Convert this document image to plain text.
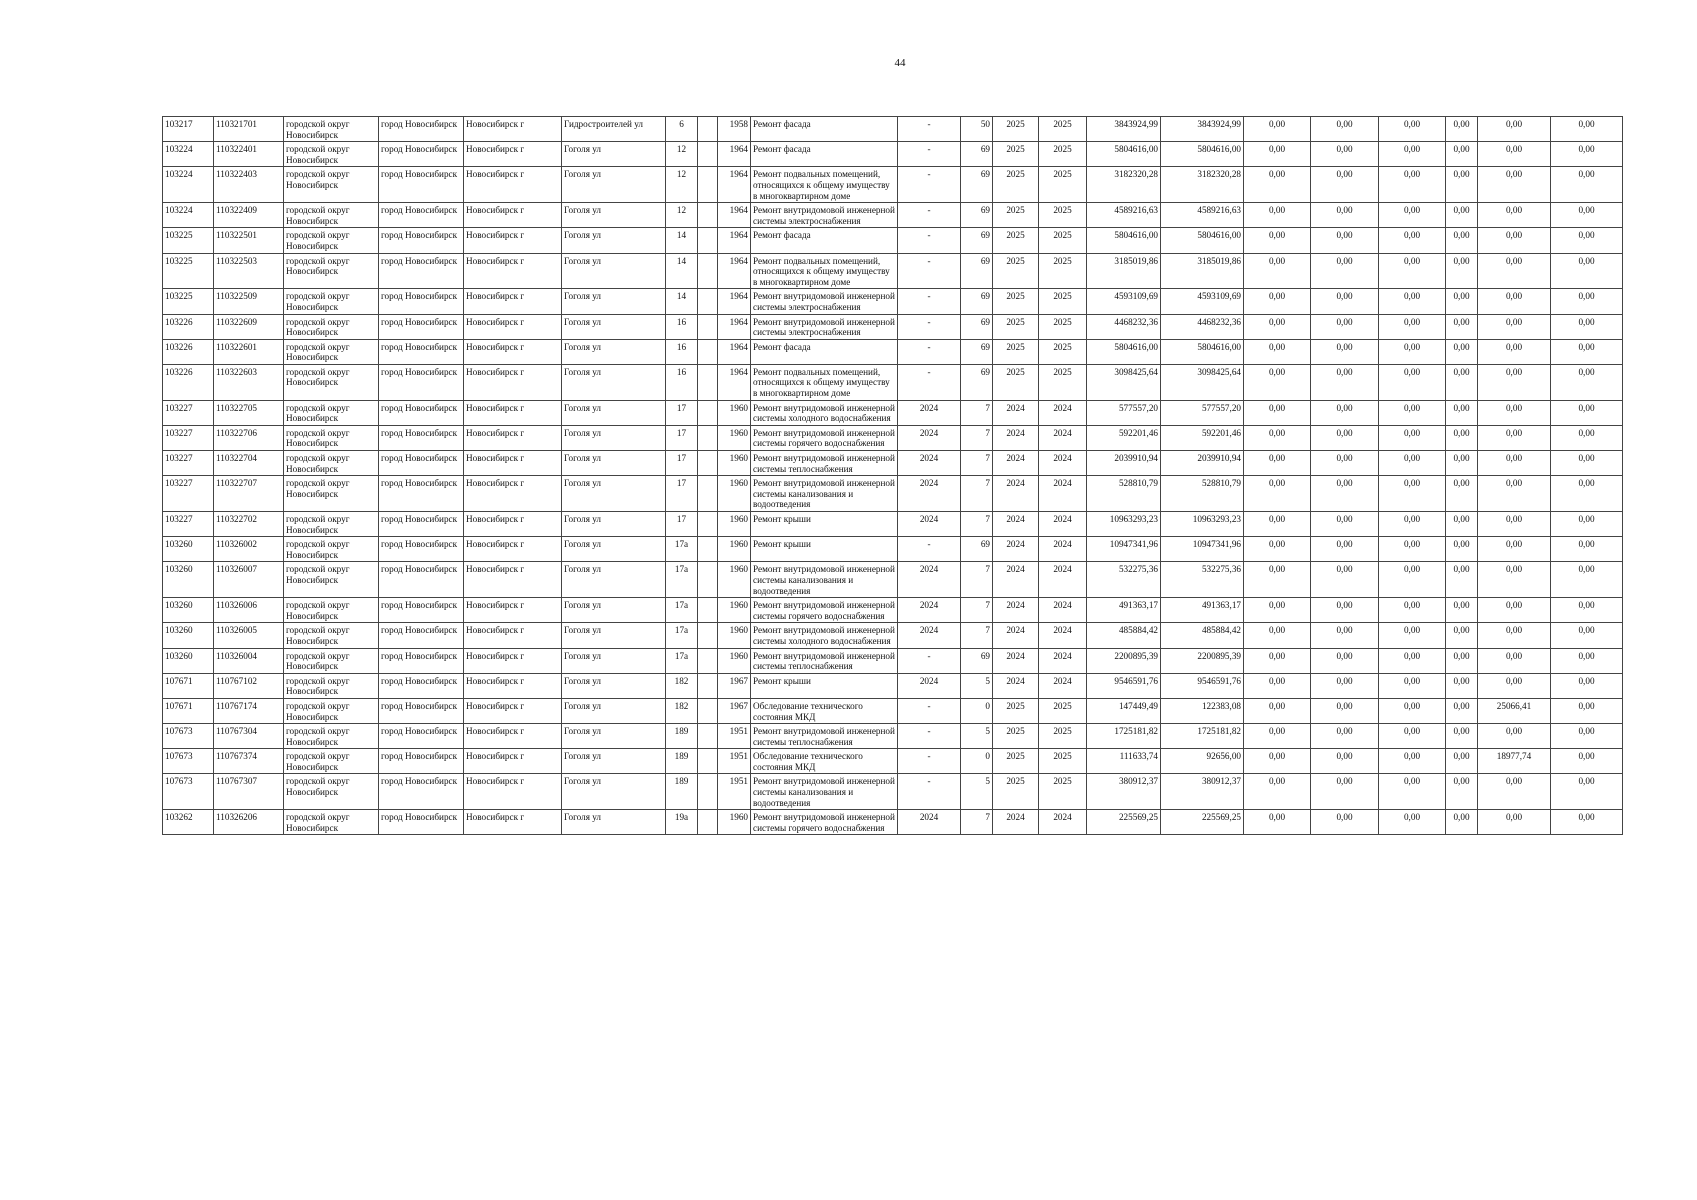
44
103217	110321701	городской округ Новосибирск	город Новосибирск	Новосибирск г	Гидростроителей ул	6		1958	Ремонт фасада	-	50	2025	2025	3843924,99	3843924,99	0,00	0,00	0,00	0,00	0,00	0,00
103224	110322401	городской округ Новосибирск	город Новосибирск	Новосибирск г	Гоголя ул	12		1964	Ремонт фасада	-	69	2025	2025	5804616,00	5804616,00	0,00	0,00	0,00	0,00	0,00	0,00
103224	110322403	городской округ Новосибирск	город Новосибирск	Новосибирск г	Гоголя ул	12		1964	Ремонт подвальных помещений, относящихся к общему имуществу в многоквартирном доме	-	69	2025	2025	3182320,28	3182320,28	0,00	0,00	0,00	0,00	0,00	0,00
103224	110322409	городской округ Новосибирск	город Новосибирск	Новосибирск г	Гоголя ул	12		1964	Ремонт внутридомовой инженерной системы электроснабжения	-	69	2025	2025	4589216,63	4589216,63	0,00	0,00	0,00	0,00	0,00	0,00
103225	110322501	городской округ Новосибирск	город Новосибирск	Новосибирск г	Гоголя ул	14		1964	Ремонт фасада	-	69	2025	2025	5804616,00	5804616,00	0,00	0,00	0,00	0,00	0,00	0,00
103225	110322503	городской округ Новосибирск	город Новосибирск	Новосибирск г	Гоголя ул	14		1964	Ремонт подвальных помещений, относящихся к общему имуществу в многоквартирном доме	-	69	2025	2025	3185019,86	3185019,86	0,00	0,00	0,00	0,00	0,00	0,00
103225	110322509	городской округ Новосибирск	город Новосибирск	Новосибирск г	Гоголя ул	14		1964	Ремонт внутридомовой инженерной системы электроснабжения	-	69	2025	2025	4593109,69	4593109,69	0,00	0,00	0,00	0,00	0,00	0,00
103226	110322609	городской округ Новосибирск	город Новосибирск	Новосибирск г	Гоголя ул	16		1964	Ремонт внутридомовой инженерной системы электроснабжения	-	69	2025	2025	4468232,36	4468232,36	0,00	0,00	0,00	0,00	0,00	0,00
103226	110322601	городской округ Новосибирск	город Новосибирск	Новосибирск г	Гоголя ул	16		1964	Ремонт фасада	-	69	2025	2025	5804616,00	5804616,00	0,00	0,00	0,00	0,00	0,00	0,00
103226	110322603	городской округ Новосибирск	город Новосибирск	Новосибирск г	Гоголя ул	16		1964	Ремонт подвальных помещений, относящихся к общему имуществу в многоквартирном доме	-	69	2025	2025	3098425,64	3098425,64	0,00	0,00	0,00	0,00	0,00	0,00
103227	110322705	городской округ Новосибирск	город Новосибирск	Новосибирск г	Гоголя ул	17		1960	Ремонт внутридомовой инженерной системы холодного водоснабжения	2024	7	2024	2024	577557,20	577557,20	0,00	0,00	0,00	0,00	0,00	0,00
103227	110322706	городской округ Новосибирск	город Новосибирск	Новосибирск г	Гоголя ул	17		1960	Ремонт внутридомовой инженерной системы горячего водоснабжения	2024	7	2024	2024	592201,46	592201,46	0,00	0,00	0,00	0,00	0,00	0,00
103227	110322704	городской округ Новосибирск	город Новосибирск	Новосибирск г	Гоголя ул	17		1960	Ремонт внутридомовой инженерной системы теплоснабжения	2024	7	2024	2024	2039910,94	2039910,94	0,00	0,00	0,00	0,00	0,00	0,00
103227	110322707	городской округ Новосибирск	город Новосибирск	Новосибирск г	Гоголя ул	17		1960	Ремонт внутридомовой инженерной системы канализования и водоотведения	2024	7	2024	2024	528810,79	528810,79	0,00	0,00	0,00	0,00	0,00	0,00
103227	110322702	городской округ Новосибирск	город Новосибирск	Новосибирск г	Гоголя ул	17		1960	Ремонт крыши	2024	7	2024	2024	10963293,23	10963293,23	0,00	0,00	0,00	0,00	0,00	0,00
103260	110326002	городской округ Новосибирск	город Новосибирск	Новосибирск г	Гоголя ул	17а		1960	Ремонт крыши	-	69	2024	2024	10947341,96	10947341,96	0,00	0,00	0,00	0,00	0,00	0,00
103260	110326007	городской округ Новосибирск	город Новосибирск	Новосибирск г	Гоголя ул	17а		1960	Ремонт внутридомовой инженерной системы канализования и водоотведения	2024	7	2024	2024	532275,36	532275,36	0,00	0,00	0,00	0,00	0,00	0,00
103260	110326006	городской округ Новосибирск	город Новосибирск	Новосибирск г	Гоголя ул	17а		1960	Ремонт внутридомовой инженерной системы горячего водоснабжения	2024	7	2024	2024	491363,17	491363,17	0,00	0,00	0,00	0,00	0,00	0,00
103260	110326005	городской округ Новосибирск	город Новосибирск	Новосибирск г	Гоголя ул	17а		1960	Ремонт внутридомовой инженерной системы холодного водоснабжения	2024	7	2024	2024	485884,42	485884,42	0,00	0,00	0,00	0,00	0,00	0,00
103260	110326004	городской округ Новосибирск	город Новосибирск	Новосибирск г	Гоголя ул	17а		1960	Ремонт внутридомовой инженерной системы теплоснабжения	-	69	2024	2024	2200895,39	2200895,39	0,00	0,00	0,00	0,00	0,00	0,00
107671	110767102	городской округ Новосибирск	город Новосибирск	Новосибирск г	Гоголя ул	182		1967	Ремонт крыши	2024	5	2024	2024	9546591,76	9546591,76	0,00	0,00	0,00	0,00	0,00	0,00
107671	110767174	городской округ Новосибирск	город Новосибирск	Новосибирск г	Гоголя ул	182		1967	Обследование технического состояния МКД	-	0	2025	2025	147449,49	122383,08	0,00	0,00	0,00	0,00	25066,41	0,00
107673	110767304	городской округ Новосибирск	город Новосибирск	Новосибирск г	Гоголя ул	189		1951	Ремонт внутридомовой инженерной системы теплоснабжения	-	5	2025	2025	1725181,82	1725181,82	0,00	0,00	0,00	0,00	0,00	0,00
107673	110767374	городской округ Новосибирск	город Новосибирск	Новосибирск г	Гоголя ул	189		1951	Обследование технического состояния МКД	-	0	2025	2025	111633,74	92656,00	0,00	0,00	0,00	0,00	18977,74	0,00
107673	110767307	городской округ Новосибирск	город Новосибирск	Новосибирск г	Гоголя ул	189		1951	Ремонт внутридомовой инженерной системы канализования и водоотведения	-	5	2025	2025	380912,37	380912,37	0,00	0,00	0,00	0,00	0,00	0,00
103262	110326206	городской округ Новосибирск	город Новосибирск	Новосибирск г	Гоголя ул	19а		1960	Ремонт внутридомовой инженерной системы горячего водоснабжения	2024	7	2024	2024	225569,25	225569,25	0,00	0,00	0,00	0,00	0,00	0,00
